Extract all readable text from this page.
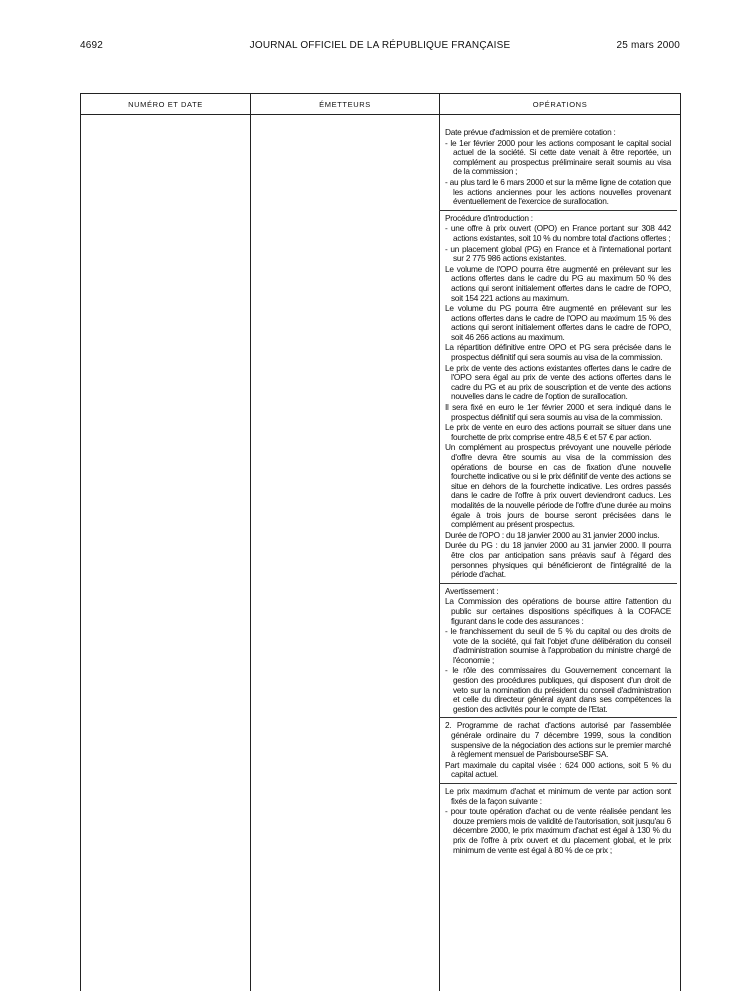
4692	JOURNAL OFFICIEL DE LA RÉPUBLIQUE FRANÇAISE	25 mars 2000
NUMÉRO ET DATE	ÉMETTEURS	OPÉRATIONS

Date prévue d'admission et de première cotation :

- le 1er février 2000 pour les actions composant le capital social actuel de la société. Si cette date venait à être reportée, un complément au prospectus préliminaire serait soumis au visa de la commission ;

- au plus tard le 6 mars 2000 et sur la même ligne de cotation que les actions anciennes pour les actions nouvelles provenant éventuellement de l'exercice de surallocation.

Procédure d'introduction :

- une offre à prix ouvert (OPO) en France portant sur 308 442 actions existantes, soit 10 % du nombre total d'actions offertes ;

- un placement global (PG) en France et à l'international portant sur 2 775 986 actions existantes.

Le volume de l'OPO pourra être augmenté en prélevant sur les actions offertes dans le cadre du PG au maximum 50 % des actions qui seront initialement offertes dans le cadre de l'OPO, soit 154 221 actions au maximum.

Le volume du PG pourra être augmenté en prélevant sur les actions offertes dans le cadre de l'OPO au maximum 15 % des actions qui seront initialement offertes dans le cadre de l'OPO, soit 46 266 actions au maximum.

La répartition définitive entre OPO et PG sera précisée dans le prospectus définitif qui sera soumis au visa de la commission.

Le prix de vente des actions existantes offertes dans le cadre de l'OPO sera égal au prix de vente des actions offertes dans le cadre du PG et au prix de souscription et de vente des actions nouvelles dans le cadre de l'option de surallocation.

Il sera fixé en euro le 1er février 2000 et sera indiqué dans le prospectus définitif qui sera soumis au visa de la commission.

Le prix de vente en euro des actions pourrait se situer dans une fourchette de prix comprise entre 48,5 € et 57 € par action.

Un complément au prospectus prévoyant une nouvelle période d'offre devra être soumis au visa de la commission des opérations de bourse en cas de fixation d'une nouvelle fourchette indicative ou si le prix définitif de vente des actions se situe en dehors de la fourchette indicative. Les ordres passés dans le cadre de l'offre à prix ouvert deviendront caducs. Les modalités de la nouvelle période de l'offre d'une durée au moins égale à trois jours de bourse seront précisées dans le complément au présent prospectus.

Durée de l'OPO : du 18 janvier 2000 au 31 janvier 2000 inclus.

Durée du PG : du 18 janvier 2000 au 31 janvier 2000. Il pourra être clos par anticipation sans préavis sauf à l'égard des personnes physiques qui bénéficieront de l'intégralité de la période d'achat.

Avertissement :

La Commission des opérations de bourse attire l'attention du public sur certaines dispositions spécifiques à la COFACE figurant dans le code des assurances :

- le franchissement du seuil de 5 % du capital ou des droits de vote de la société, qui fait l'objet d'une délibération du conseil d'administration soumise à l'approbation du ministre chargé de l'économie ;

- le rôle des commissaires du Gouvernement concernant la gestion des procédures publiques, qui disposent d'un droit de veto sur la nomination du président du conseil d'administration et celle du directeur général ayant dans ses compétences la gestion des activités pour le compte de l'Etat.

2. Programme de rachat d'actions autorisé par l'assemblée générale ordinaire du 7 décembre 1999, sous la condition suspensive de la négociation des actions sur le premier marché à règlement mensuel de ParisbourseSBF SA.

Part maximale du capital visée : 624 000 actions, soit 5 % du capital actuel.

Le prix maximum d'achat et minimum de vente par action sont fixés de la façon suivante :

- pour toute opération d'achat ou de vente réalisée pendant les douze premiers mois de validité de l'autorisation, soit jusqu'au 6 décembre 2000, le prix maximum d'achat est égal à 130 % du prix de l'offre à prix ouvert et du placement global, et le prix minimum de vente est égal à 80 % de ce prix ;
